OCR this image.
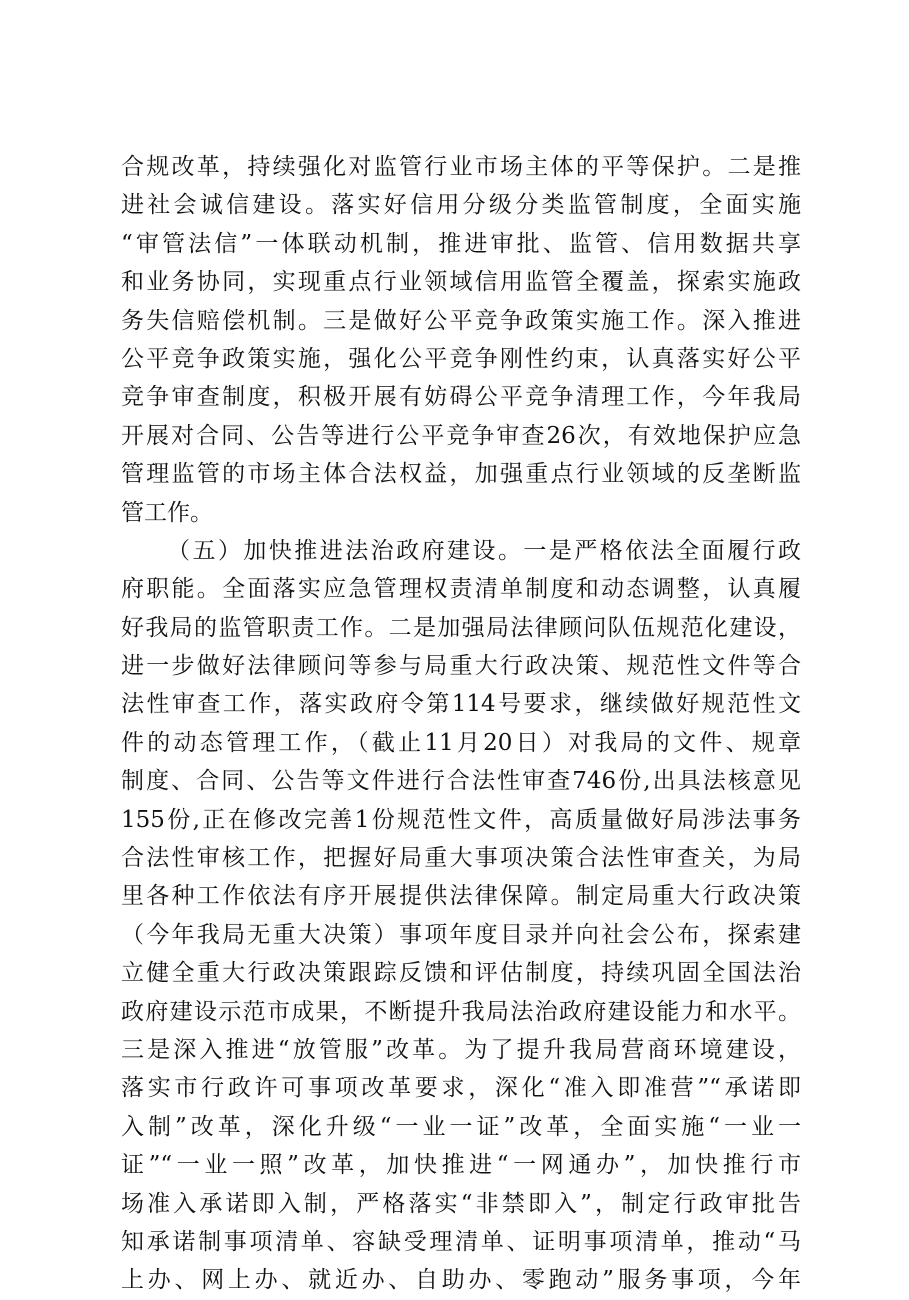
合规改革，持续强化对监管行业市场主体的平等保护。二是推
进社会诚信建设。落实好信用分级分类监管制度，全面实施
“审管法信”一体联动机制，推进审批、监管、信用数据共享
和业务协同，实现重点行业领域信用监管全覆盖，探索实施政
务失信赔偿机制。三是做好公平竞争政策实施工作。深入推进
公平竞争政策实施，强化公平竞争刚性约束，认真落实好公平
竞争审查制度，积极开展有妨碍公平竞争清理工作，今年我局
开展对合同、公告等进行公平竞争审查26次，有效地保护应急
管理监管的市场主体合法权益，加强重点行业领域的反垄断监
管工作。
（五）加快推进法治政府建设。一是严格依法全面履行政
府职能。全面落实应急管理权责清单制度和动态调整，认真履
好我局的监管职责工作。二是加强局法律顾问队伍规范化建设，
进一步做好法律顾问等参与局重大行政决策、规范性文件等合
法性审查工作，落实政府令第114号要求，继续做好规范性文
件的动态管理工作，（截止11月20日）对我局的文件、规章
制度、合同、公告等文件进行合法性审查746份,出具法核意见
155份,正在修改完善1份规范性文件，高质量做好局涉法事务
合法性审核工作，把握好局重大事项决策合法性审查关，为局
里各种工作依法有序开展提供法律保障。制定局重大行政决策
（今年我局无重大决策）事项年度目录并向社会公布，探索建
立健全重大行政决策跟踪反馈和评估制度，持续巩固全国法治
政府建设示范市成果，不断提升我局法治政府建设能力和水平。
三是深入推进“放管服”改革。为了提升我局营商环境建设，
落实市行政许可事项改革要求，深化“准入即准营”“承诺即
入制”改革，深化升级“一业一证”改革，全面实施“一业一
证”“一业一照”改革，加快推进“一网通办”，加快推行市
场准入承诺即入制，严格落实“非禁即入”，制定行政审批告
知承诺制事项清单、容缺受理清单、证明事项清单，推动“马
上办、网上办、就近办、自助办、零跑动”服务事项，今年
